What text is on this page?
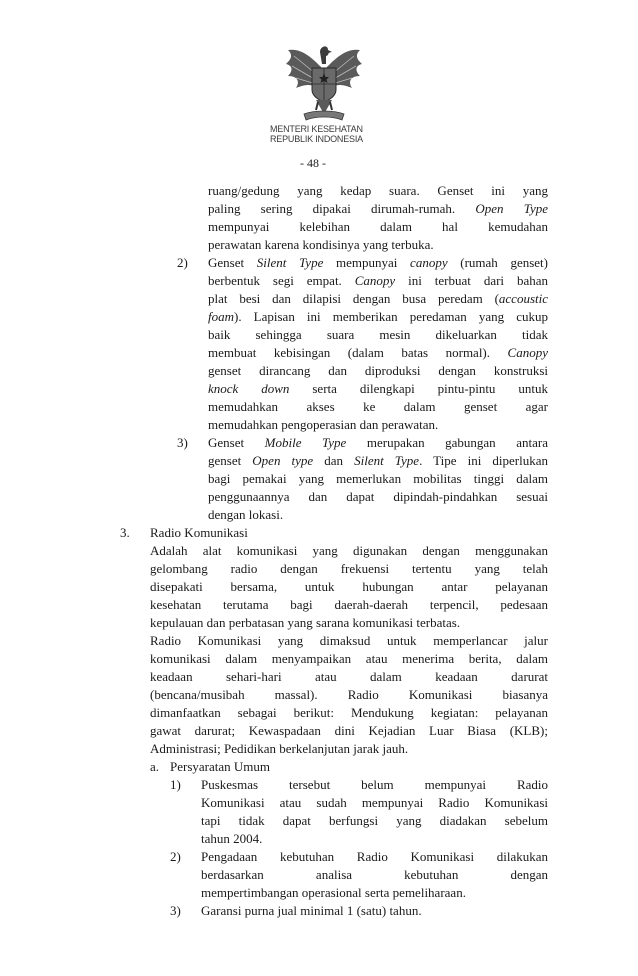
MENTERI KESEHATAN
REPUBLIK INDONESIA
- 48 -
ruang/gedung yang kedap suara. Genset ini yang
paling sering dipakai dirumah-rumah. Open Type
mempunyai kelebihan dalam hal kemudahan
perawatan karena kondisinya yang terbuka.
2) Genset Silent Type mempunyai canopy (rumah genset)
berbentuk segi empat. Canopy ini terbuat dari bahan
plat besi dan dilapisi dengan busa peredam (accoustic
foam). Lapisan ini memberikan peredaman yang cukup
baik sehingga suara mesin dikeluarkan tidak
membuat kebisingan (dalam batas normal). Canopy
genset dirancang dan diproduksi dengan konstruksi
knock down serta dilengkapi pintu-pintu untuk
memudahkan akses ke dalam genset agar
memudahkan pengoperasian dan perawatan.
3) Genset Mobile Type merupakan gabungan antara
genset Open type dan Silent Type. Tipe ini diperlukan
bagi pemakai yang memerlukan mobilitas tinggi dalam
penggunaannya dan dapat dipindah-pindahkan sesuai
dengan lokasi.
3. Radio Komunikasi
Adalah alat komunikasi yang digunakan dengan menggunakan
gelombang radio dengan frekuensi tertentu yang telah
disepakati bersama, untuk hubungan antar pelayanan
kesehatan terutama bagi daerah-daerah terpencil, pedesaan
kepulauan dan perbatasan yang sarana komunikasi terbatas.
Radio Komunikasi yang dimaksud untuk memperlancar jalur
komunikasi dalam menyampaikan atau menerima berita, dalam
keadaan sehari-hari atau dalam keadaan darurat
(bencana/musibah massal). Radio Komunikasi biasanya
dimanfaatkan sebagai berikut: Mendukung kegiatan: pelayanan
gawat darurat; Kewaspadaan dini Kejadian Luar Biasa (KLB);
Administrasi; Pedidikan berkelanjutan jarak jauh.
a. Persyaratan Umum
1) Puskesmas tersebut belum mempunyai Radio
Komunikasi atau sudah mempunyai Radio Komunikasi
tapi tidak dapat berfungsi yang diadakan sebelum
tahun 2004.
2) Pengadaan kebutuhan Radio Komunikasi dilakukan
berdasarkan analisa kebutuhan dengan
mempertimbangan operasional serta pemeliharaan.
3) Garansi purna jual minimal 1 (satu) tahun.
